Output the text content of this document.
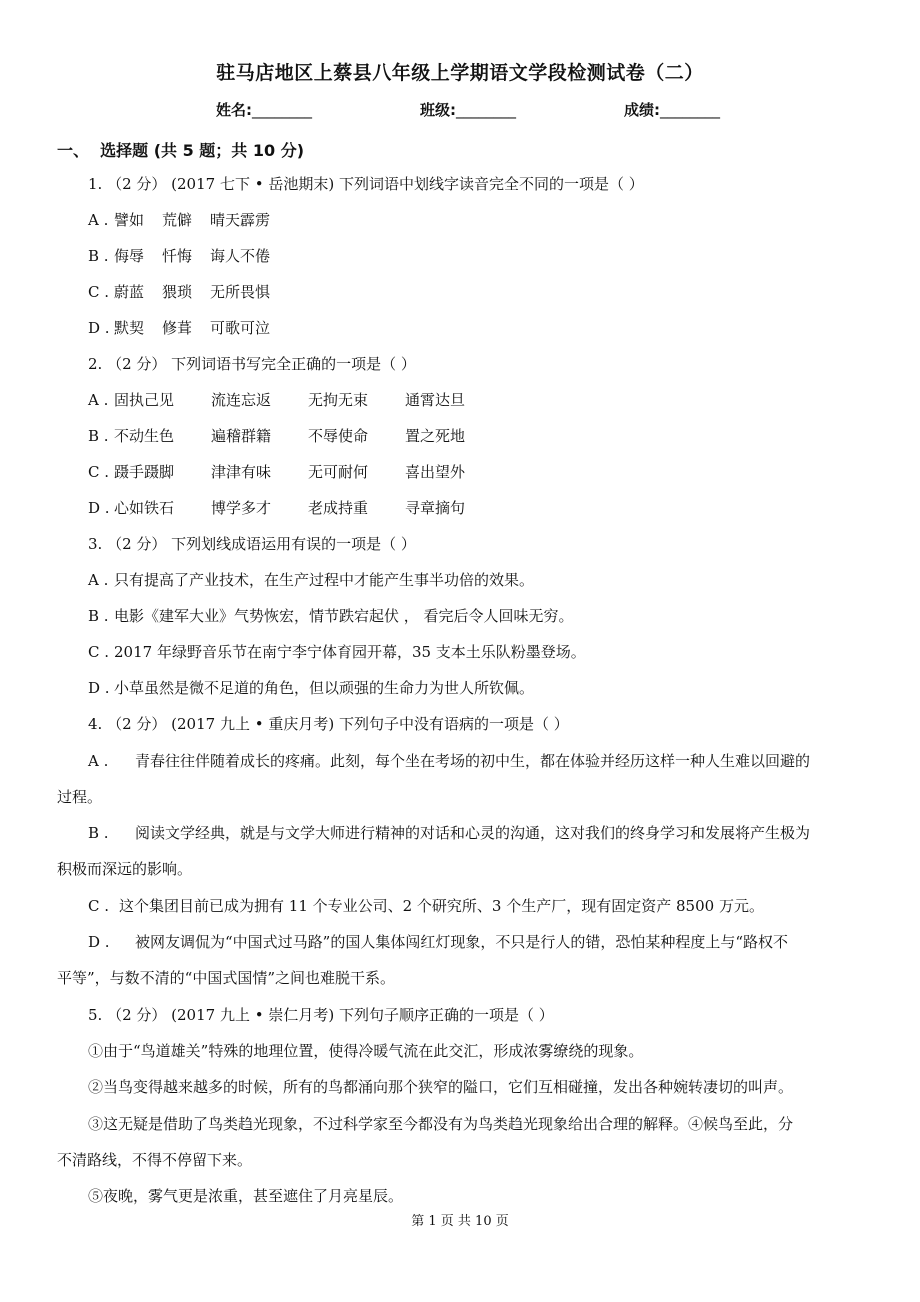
驻马店地区上蔡县八年级上学期语文学段检测试卷（二）
姓名:________	班级:________	成绩:________
一、  选择题 (共 5 题；共 10 分)
1. （2 分） (2017 七下 • 岳池期末) 下列词语中划线字读音完全不同的一项是（ ）
A . 譬如 荒僻 晴天霹雳
B . 侮辱 忏悔 诲人不倦
C . 蔚蓝 猥琐 无所畏惧
D . 默契 修葺 可歌可泣
2. （2 分） 下列词语书写完全正确的一项是（ ）
A . 固执己见 流连忘返 无拘无束 通霄达旦
B . 不动生色 遍稽群籍 不辱使命 置之死地
C . 蹑手蹑脚 津津有味 无可耐何 喜出望外
D . 心如铁石 博学多才 老成持重 寻章摘句
3. （2 分） 下列划线成语运用有误的一项是（ ）
A . 只有提高了产业技术，在生产过程中才能产生事半功倍的效果。
B . 电影《建军大业》气势恢宏，情节跌宕起伏 ， 看完后令人回味无穷。
C . 2017 年绿野音乐节在南宁李宁体育园开幕，35 支本土乐队粉墨登场。
D . 小草虽然是微不足道的角色，但以顽强的生命力为世人所钦佩。
4. （2 分） (2017 九上 • 重庆月考) 下列句子中没有语病的一项是（ ）
A . 青春往往伴随着成长的疼痛。此刻，每个坐在考场的初中生，都在体验并经历这样一种人生难以回避的
过程。
B . 阅读文学经典，就是与文学大师进行精神的对话和心灵的沟通，这对我们的终身学习和发展将产生极为
积极而深远的影响。
C . 这个集团目前已成为拥有 11 个专业公司、2 个研究所、3 个生产厂，现有固定资产 8500 万元。
D . 被网友调侃为“中国式过马路”的国人集体闯红灯现象，不只是行人的错，恐怕某种程度上与“路权不
平等”，与数不清的“中国式国情”之间也难脱干系。
5. （2 分） (2017 九上 • 崇仁月考) 下列句子顺序正确的一项是（ ）
①由于“鸟道雄关”特殊的地理位置，使得冷暖气流在此交汇，形成浓雾缭绕的现象。
②当鸟变得越来越多的时候，所有的鸟都涌向那个狭窄的隘口，它们互相碰撞，发出各种婉转凄切的叫声。
③这无疑是借助了鸟类趋光现象，不过科学家至今都没有为鸟类趋光现象给出合理的解释。④候鸟至此，分
不清路线，不得不停留下来。
⑤夜晚，雾气更是浓重，甚至遮住了月亮星辰。
第 1 页 共 10 页
